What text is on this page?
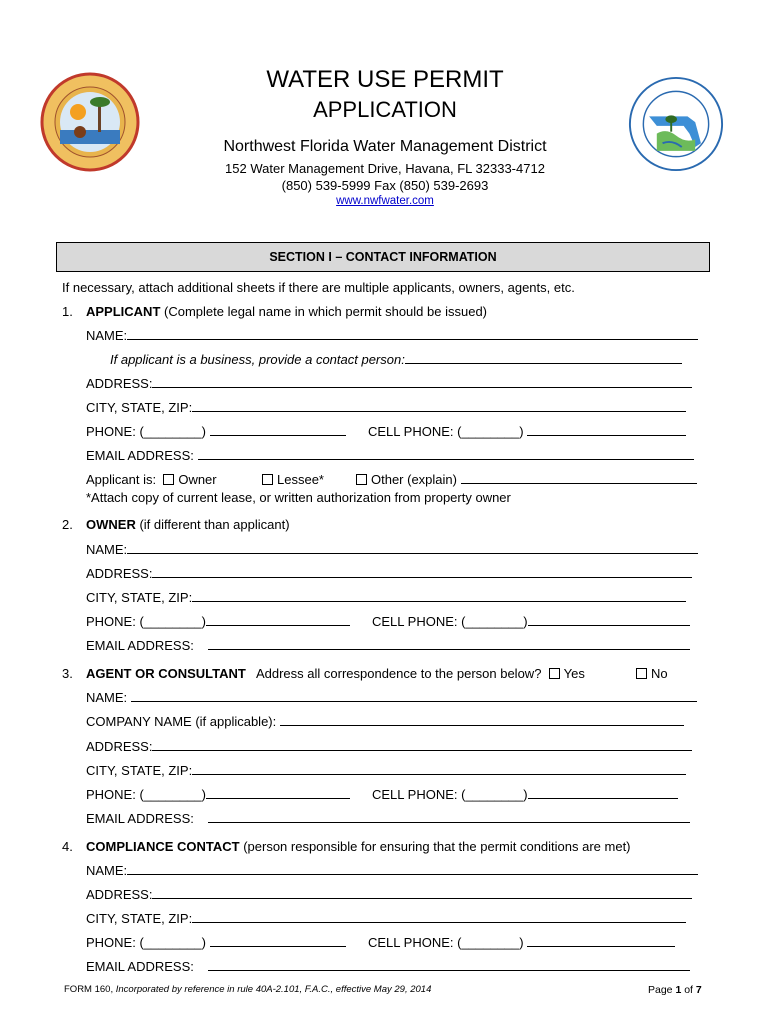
WATER USE PERMIT
APPLICATION
Northwest Florida Water Management District
152 Water Management Drive, Havana, FL 32333-4712
(850) 539-5999 Fax (850) 539-2693
www.nwfwater.com
SECTION I – CONTACT INFORMATION
If necessary, attach additional sheets if there are multiple applicants, owners, agents, etc.
1. APPLICANT (Complete legal name in which permit should be issued)
NAME:
If applicant is a business, provide a contact person:
ADDRESS:
CITY, STATE, ZIP:
PHONE: (________)	CELL PHONE: (________)
EMAIL ADDRESS:
Applicant is: Owner	Lessee*	Other (explain)
*Attach copy of current lease, or written authorization from property owner
2. OWNER (if different than applicant)
NAME:
ADDRESS:
CITY, STATE, ZIP:
PHONE: (________)	CELL PHONE: (________)
EMAIL ADDRESS:
3. AGENT OR CONSULTANT Address all correspondence to the person below? Yes	No
NAME:
COMPANY NAME (if applicable):
ADDRESS:
CITY, STATE, ZIP:
PHONE: (________)	CELL PHONE: (________)
EMAIL ADDRESS:
4. COMPLIANCE CONTACT (person responsible for ensuring that the permit conditions are met)
NAME:
ADDRESS:
CITY, STATE, ZIP:
PHONE: (________)	CELL PHONE: (________)
EMAIL ADDRESS:
FORM 160, Incorporated by reference in rule 40A-2.101, F.A.C., effective May 29, 2014	Page 1 of 7
